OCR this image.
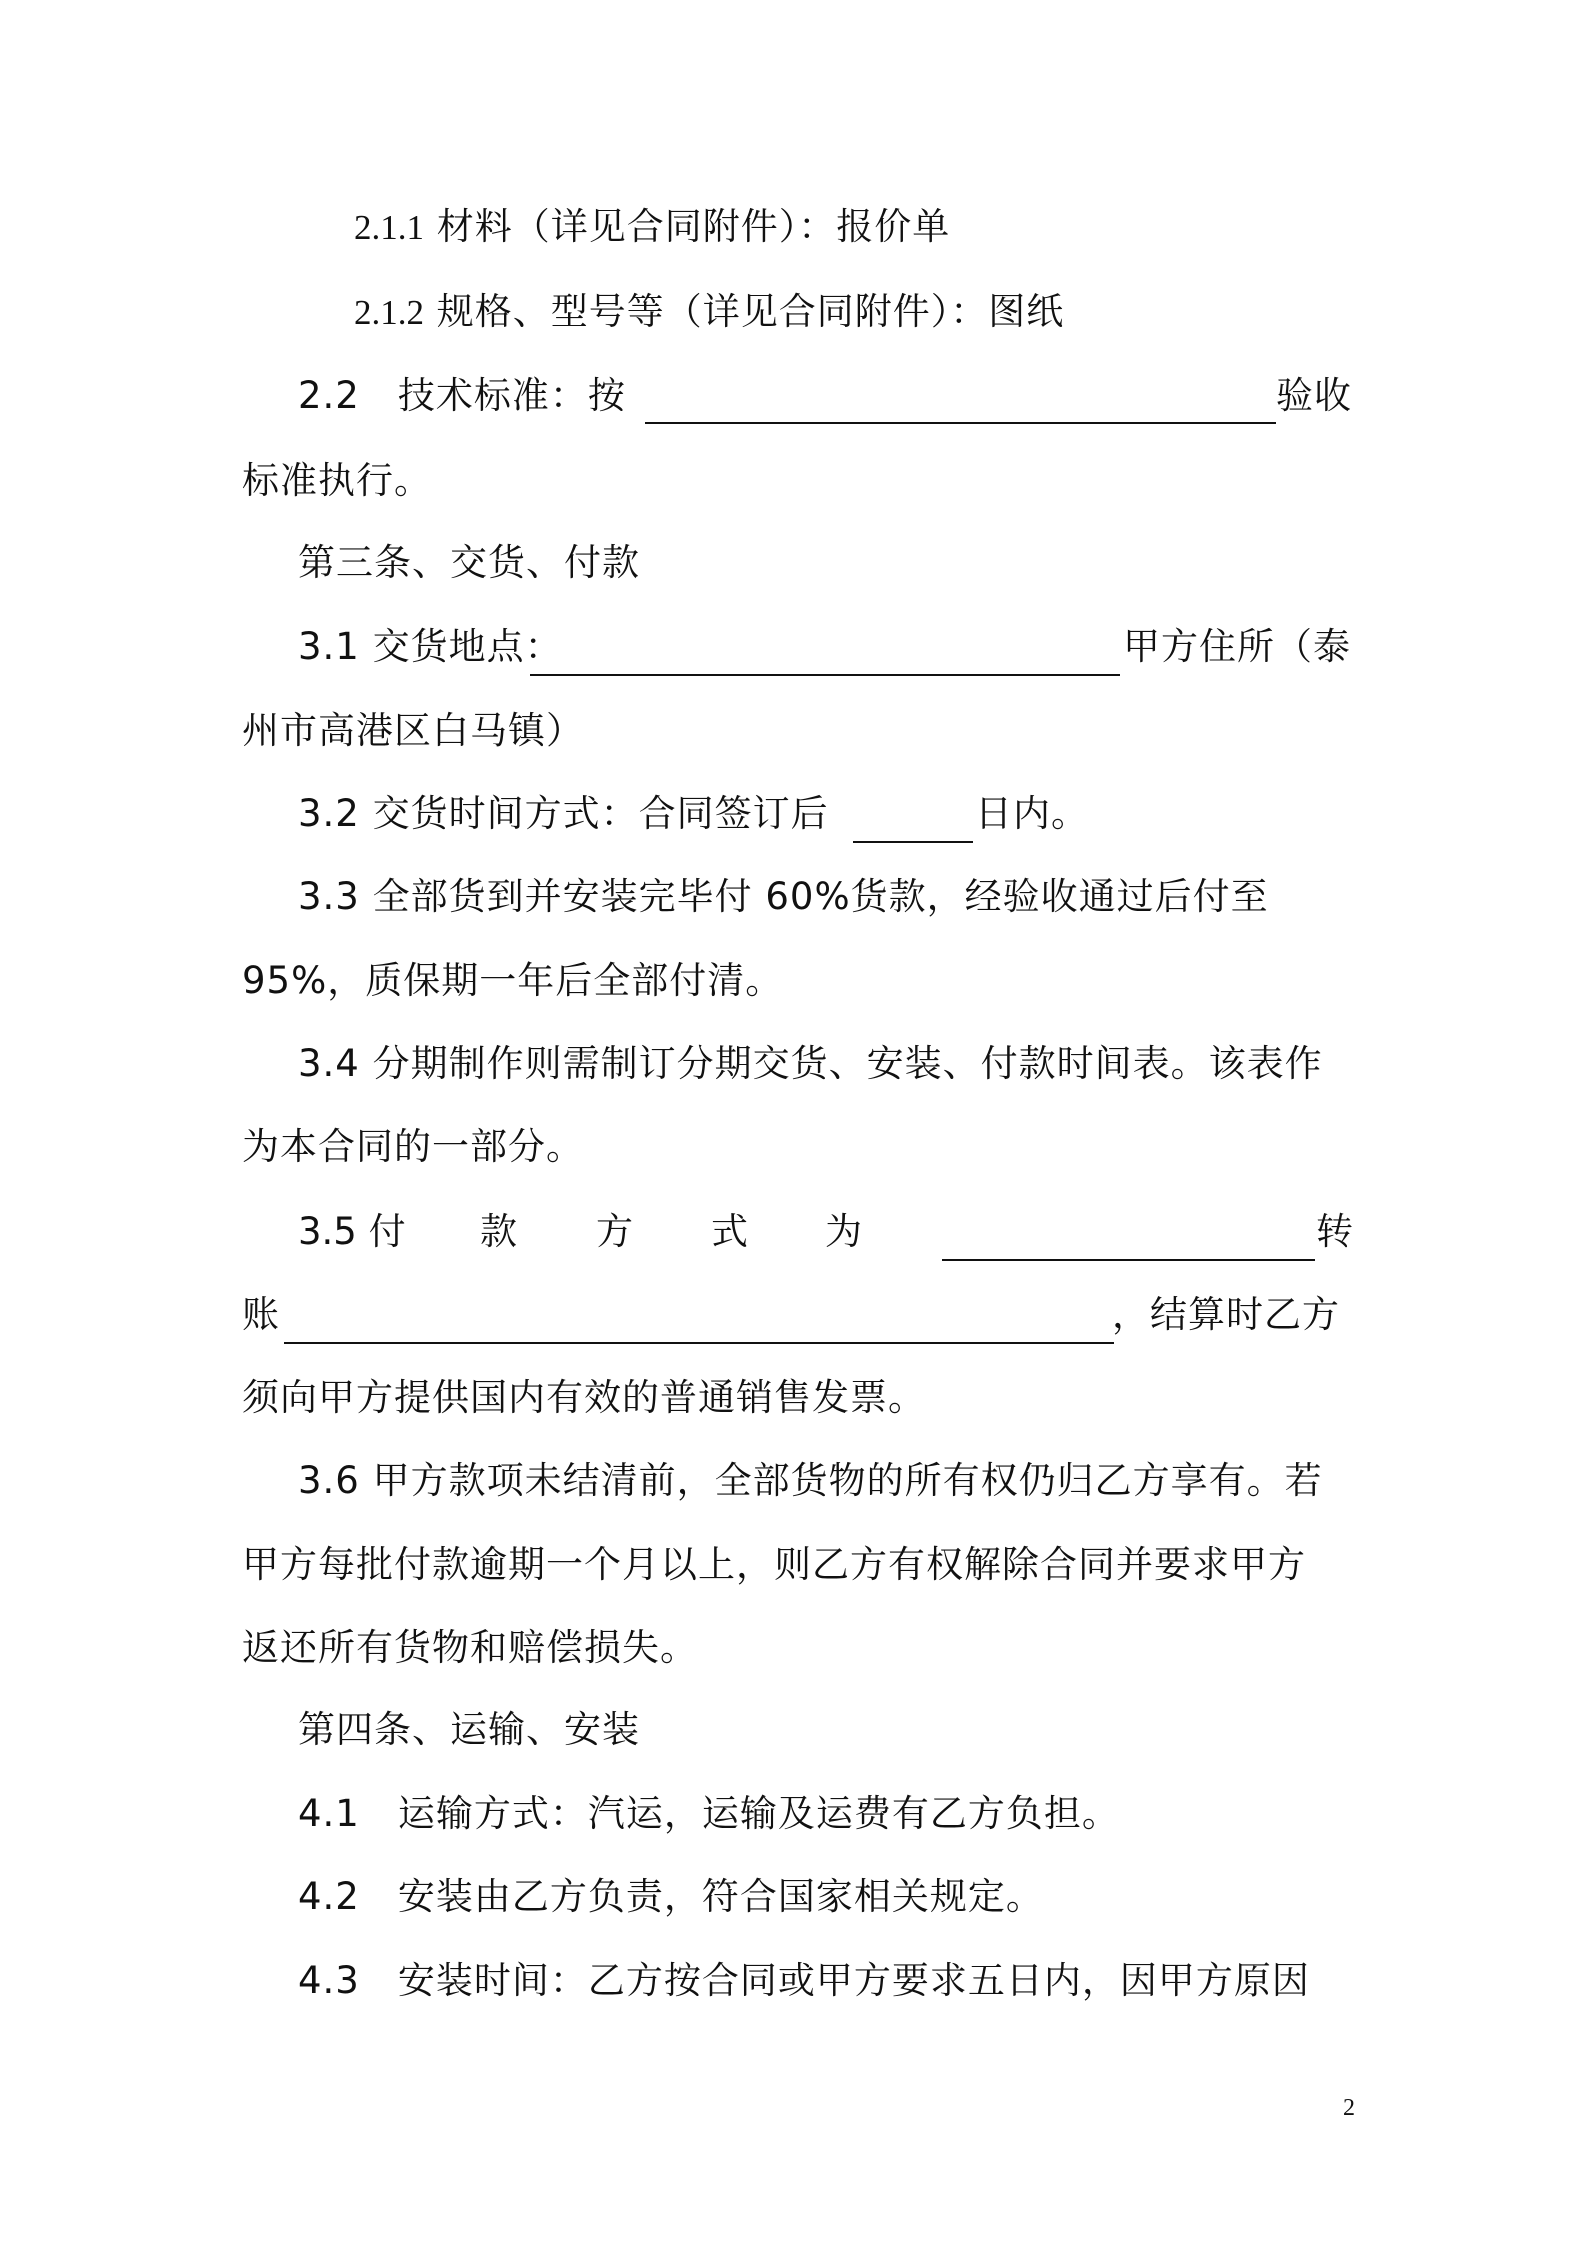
2.1.1 材料（详见合同附件）：报价单
2.1.2 规格、型号等（详见合同附件）：图纸
2.2　技术标准：按	验收
标准执行。
第三条、交货、付款
3.1 交货地点：	甲方住所（泰
州市高港区白马镇）
3.2 交货时间方式：合同签订后	日内。
3.3 全部货到并安装完毕付 60%货款，经验收通过后付至
95%，质保期一年后全部付清。
3.4 分期制作则需制订分期交货、安装、付款时间表。该表作
为本合同的一部分。
3.5 付 款 方 式 为	转
账	，结算时乙方
须向甲方提供国内有效的普通销售发票。
3.6 甲方款项未结清前，全部货物的所有权仍归乙方享有。若
甲方每批付款逾期一个月以上，则乙方有权解除合同并要求甲方
返还所有货物和赔偿损失。
第四条、运输、安装
4.1　运输方式：汽运，运输及运费有乙方负担。
4.2　安装由乙方负责，符合国家相关规定。
4.3　安装时间：乙方按合同或甲方要求五日内，因甲方原因
2
